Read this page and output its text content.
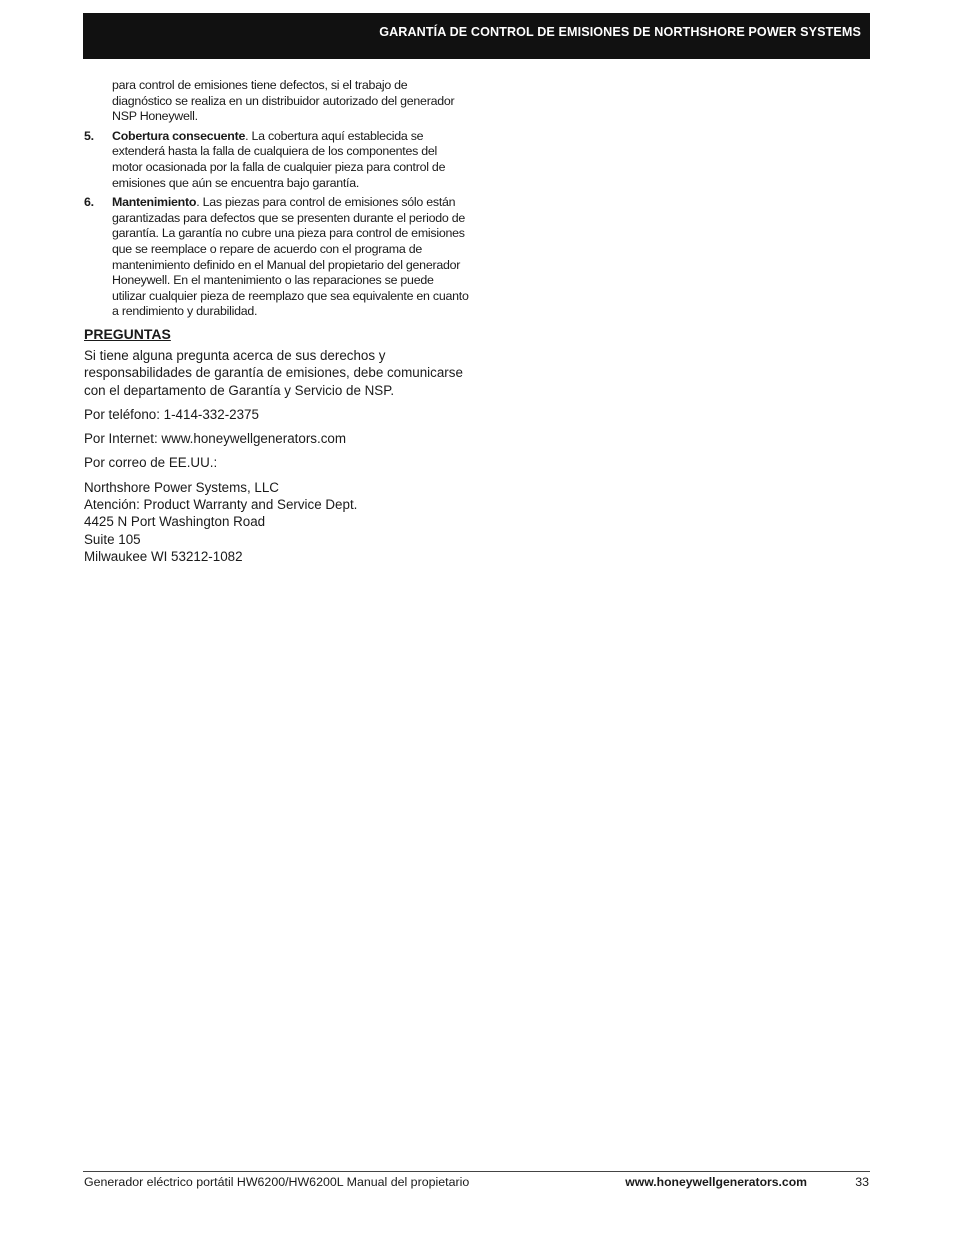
GARANTÍA DE CONTROL DE EMISIONES DE NORTHSHORE POWER SYSTEMS
para control de emisiones tiene defectos, si el trabajo de diagnóstico se realiza en un distribuidor autorizado del generador NSP Honeywell.
5.	Cobertura consecuente. La cobertura aquí establecida se extenderá hasta la falla de cualquiera de los componentes del motor ocasionada por la falla de cualquier pieza para control de emisiones que aún se encuentra bajo garantía.
6.	Mantenimiento. Las piezas para control de emisiones sólo están garantizadas para defectos que se presenten durante el periodo de garantía. La garantía no cubre una pieza para control de emisiones que se reemplace o repare de acuerdo con el programa de mantenimiento definido en el Manual del propietario del generador Honeywell. En el mantenimiento o las reparaciones se puede utilizar cualquier pieza de reemplazo que sea equivalente en cuanto a rendimiento y durabilidad.
PREGUNTAS

Si tiene alguna pregunta acerca de sus derechos y responsabilidades de garantía de emisiones, debe comunicarse con el departamento de Garantía y Servicio de NSP.

Por teléfono: 1-414-332-2375

Por Internet: www.honeywellgenerators.com

Por correo de EE.UU.:

Northshore Power Systems, LLC
Atención: Product Warranty and Service Dept.
4425 N Port Washington Road
Suite 105
Milwaukee WI 53212-1082
Generador eléctrico portátil HW6200/HW6200L Manual del propietario	www.honeywellgenerators.com	33
